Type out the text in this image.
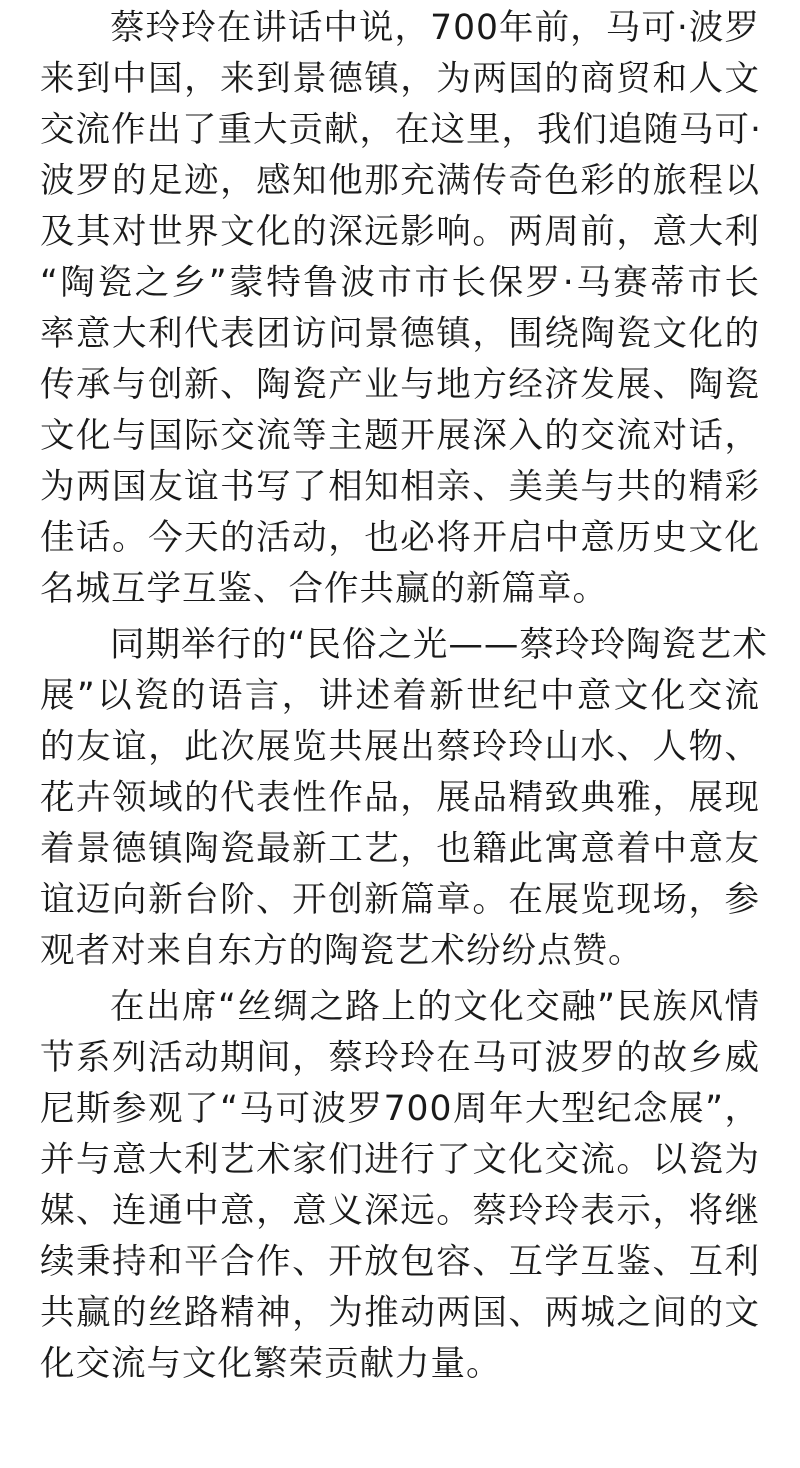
蔡玲玲在讲话中说，700年前，马可·波罗
来到中国，来到景德镇，为两国的商贸和人文
交流作出了重大贡献，在这里，我们追随马可·
波罗的足迹，感知他那充满传奇色彩的旅程以
及其对世界文化的深远影响。两周前，意大利
“陶瓷之乡”蒙特鲁波市市长保罗·马赛蒂市长
率意大利代表团访问景德镇，围绕陶瓷文化的
传承与创新、陶瓷产业与地方经济发展、陶瓷
文化与国际交流等主题开展深入的交流对话，
为两国友谊书写了相知相亲、美美与共的精彩
佳话。今天的活动，也必将开启中意历史文化
名城互学互鉴、合作共赢的新篇章。

同期举行的“民俗之光——蔡玲玲陶瓷艺术
展”以瓷的语言，讲述着新世纪中意文化交流
的友谊，此次展览共展出蔡玲玲山水、人物、
花卉领域的代表性作品，展品精致典雅，展现
着景德镇陶瓷最新工艺，也籍此寓意着中意友
谊迈向新台阶、开创新篇章。在展览现场，参
观者对来自东方的陶瓷艺术纷纷点赞。

在出席“丝绸之路上的文化交融”民族风情
节系列活动期间，蔡玲玲在马可波罗的故乡威
尼斯参观了“马可波罗700周年大型纪念展”，
并与意大利艺术家们进行了文化交流。以瓷为
媒、连通中意，意义深远。蔡玲玲表示，将继
续秉持和平合作、开放包容、互学互鉴、互利
共赢的丝路精神，为推动两国、两城之间的文
化交流与文化繁荣贡献力量。
